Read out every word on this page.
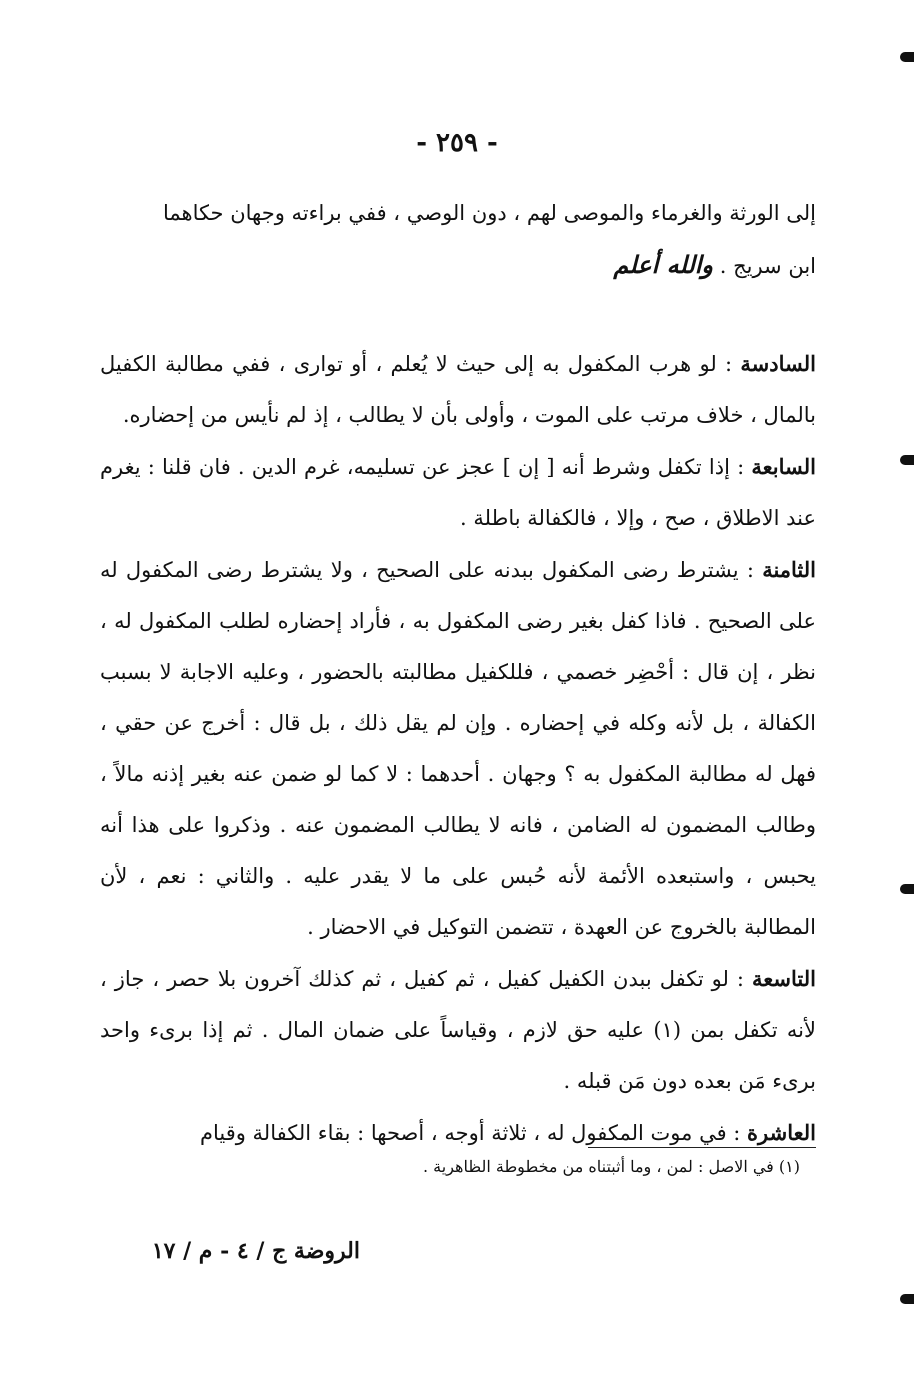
- ٢٥٩ -

إلى الورثة والغرماء والموصى لهم ، دون الوصي ، ففي براءته وجهان حكاهما

ابن سريج . والله أعلم

السادسة : لو هرب المكفول به إلى حيث لا يُعلم ، أو توارى ، ففي مطالبة الكفيل بالمال ، خلاف مرتب على الموت ، وأولى بأن لا يطالب ، إذ لم نأيس من إحضاره.

السابعة : إذا تكفل وشرط أنه [ إن ] عجز عن تسليمه، غرم الدين . فان قلنا : يغرم عند الاطلاق ، صح ، وإلا ، فالكفالة باطلة .

الثامنة : يشترط رضى المكفول ببدنه على الصحيح ، ولا يشترط رضى المكفول له على الصحيح . فاذا كفل بغير رضى المكفول به ، فأراد إحضاره لطلب المكفول له ، نظر ، إن قال : أحْضِر خصمي ، فللكفيل مطالبته بالحضور ، وعليه الاجابة لا بسبب الكفالة ، بل لأنه وكله في إحضاره . وإن لم يقل ذلك ، بل قال : أخرج عن حقي ، فهل له مطالبة المكفول به ؟ وجهان . أحدهما : لا كما لو ضمن عنه بغير إذنه مالاً ، وطالب المضمون له الضامن ، فانه لا يطالب المضمون عنه . وذكروا على هذا أنه يحبس ، واستبعده الأئمة لأنه حُبس على ما لا يقدر عليه . والثاني : نعم ، لأن المطالبة بالخروج عن العهدة ، تتضمن التوكيل في الاحضار .

التاسعة : لو تكفل ببدن الكفيل كفيل ، ثم كفيل ، ثم كذلك آخرون بلا حصر ، جاز ، لأنه تكفل بمن (١) عليه حق لازم ، وقياساً على ضمان المال . ثم إذا برىء واحد برىء مَن بعده دون مَن قبله .

العاشرة : في موت المكفول له ، ثلاثة أوجه ، أصحها : بقاء الكفالة وقيام

(١) في الاصل : لمن ، وما أثبتناه من مخطوطة الظاهرية .
الروضة ج / ٤ - م / ١٧
